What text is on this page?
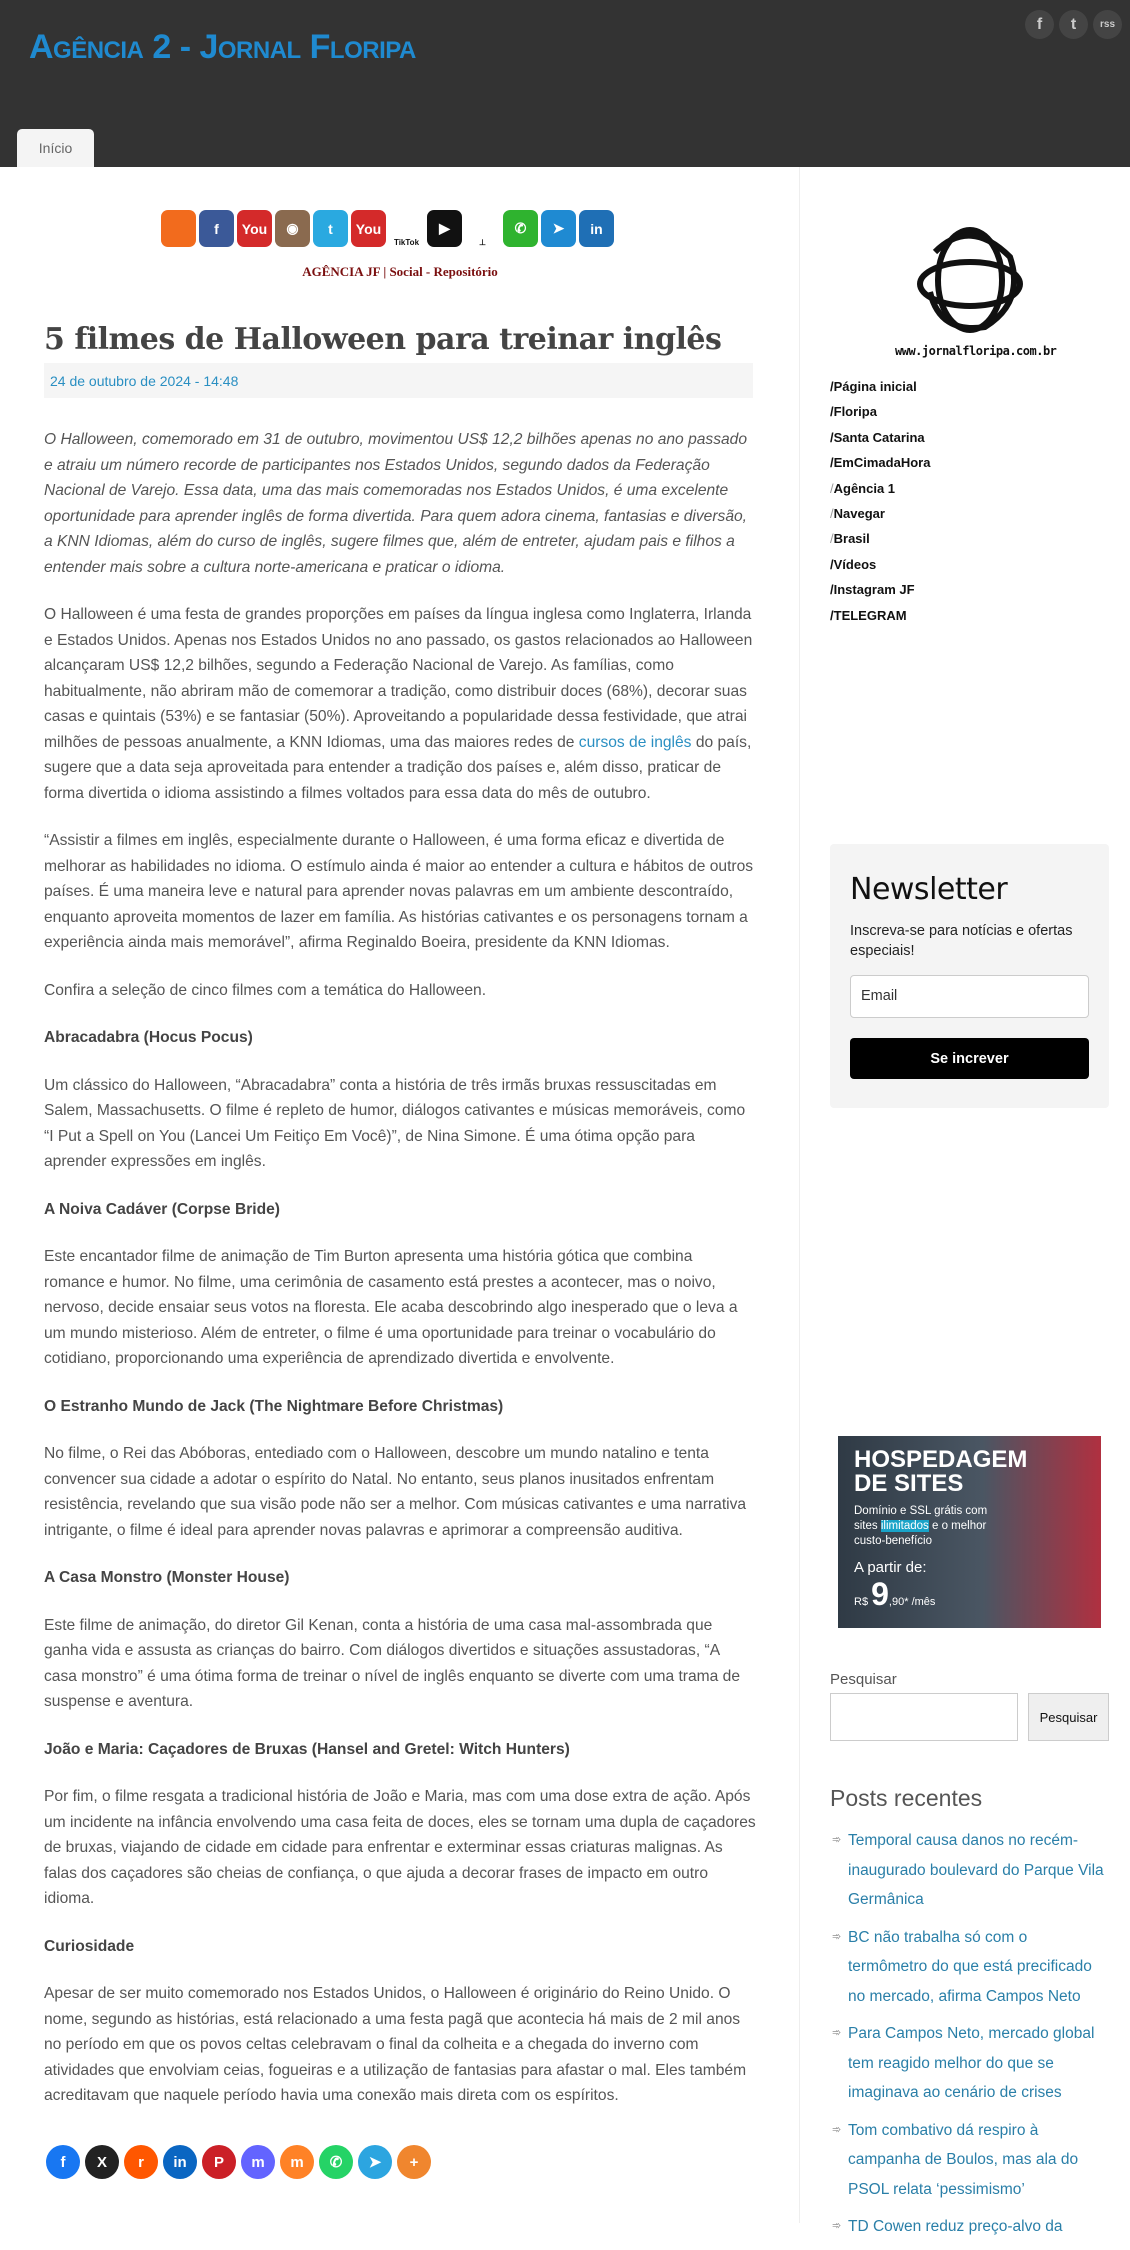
Agência 2 - Jornal Floripa
f	t	rss
Início
f	You	◉	t	You
TikTok
▶
⊥
✆	➤	in
AGÊNCIA JF | Social - Repositório
5 filmes de Halloween para treinar inglês
24 de outubro de 2024 - 14:48

O Halloween, comemorado em 31 de outubro, movimentou US$ 12,2 bilhões apenas no ano passado e atraiu um número recorde de participantes nos Estados Unidos, segundo dados da Federação Nacional de Varejo. Essa data, uma das mais comemoradas nos Estados Unidos, é uma excelente oportunidade para aprender inglês de forma divertida. Para quem adora cinema, fantasias e diversão, a KNN Idiomas, além do curso de inglês, sugere filmes que, além de entreter, ajudam pais e filhos a entender mais sobre a cultura norte-americana e praticar o idioma.

O Halloween é uma festa de grandes proporções em países da língua inglesa como Inglaterra, Irlanda e Estados Unidos. Apenas nos Estados Unidos no ano passado, os gastos relacionados ao Halloween alcançaram US$ 12,2 bilhões, segundo a Federação Nacional de Varejo. As famílias, como habitualmente, não abriram mão de comemorar a tradição, como distribuir doces (68%), decorar suas casas e quintais (53%) e se fantasiar (50%). Aproveitando a popularidade dessa festividade, que atrai milhões de pessoas anualmente, a KNN Idiomas, uma das maiores redes de cursos de inglês do país, sugere que a data seja aproveitada para entender a tradição dos países e, além disso, praticar de forma divertida o idioma assistindo a filmes voltados para essa data do mês de outubro.

“Assistir a filmes em inglês, especialmente durante o Halloween, é uma forma eficaz e divertida de melhorar as habilidades no idioma. O estímulo ainda é maior ao entender a cultura e hábitos de outros países. É uma maneira leve e natural para aprender novas palavras em um ambiente descontraído, enquanto aproveita momentos de lazer em família. As histórias cativantes e os personagens tornam a experiência ainda mais memorável”, afirma Reginaldo Boeira, presidente da KNN Idiomas.

Confira a seleção de cinco filmes com a temática do Halloween.

Abracadabra (Hocus Pocus)

Um clássico do Halloween, “Abracadabra” conta a história de três irmãs bruxas ressuscitadas em Salem, Massachusetts. O filme é repleto de humor, diálogos cativantes e músicas memoráveis, como “I Put a Spell on You (Lancei Um Feitiço Em Você)”, de Nina Simone. É uma ótima opção para aprender expressões em inglês.

A Noiva Cadáver (Corpse Bride)

Este encantador filme de animação de Tim Burton apresenta uma história gótica que combina romance e humor. No filme, uma cerimônia de casamento está prestes a acontecer, mas o noivo, nervoso, decide ensaiar seus votos na floresta. Ele acaba descobrindo algo inesperado que o leva a um mundo misterioso. Além de entreter, o filme é uma oportunidade para treinar o vocabulário do cotidiano, proporcionando uma experiência de aprendizado divertida e envolvente.

O Estranho Mundo de Jack (The Nightmare Before Christmas)

No filme, o Rei das Abóboras, entediado com o Halloween, descobre um mundo natalino e tenta convencer sua cidade a adotar o espírito do Natal. No entanto, seus planos inusitados enfrentam resistência, revelando que sua visão pode não ser a melhor. Com músicas cativantes e uma narrativa intrigante, o filme é ideal para aprender novas palavras e aprimorar a compreensão auditiva.

A Casa Monstro (Monster House)

Este filme de animação, do diretor Gil Kenan, conta a história de uma casa mal-assombrada que ganha vida e assusta as crianças do bairro. Com diálogos divertidos e situações assustadoras, “A casa monstro” é uma ótima forma de treinar o nível de inglês enquanto se diverte com uma trama de suspense e aventura.

João e Maria: Caçadores de Bruxas (Hansel and Gretel: Witch Hunters)

Por fim, o filme resgata a tradicional história de João e Maria, mas com uma dose extra de ação. Após um incidente na infância envolvendo uma casa feita de doces, eles se tornam uma dupla de caçadores de bruxas, viajando de cidade em cidade para enfrentar e exterminar essas criaturas malignas. As falas dos caçadores são cheias de confiança, o que ajuda a decorar frases de impacto em outro idioma.

Curiosidade

Apesar de ser muito comemorado nos Estados Unidos, o Halloween é originário do Reino Unido. O nome, segundo as histórias, está relacionado a uma festa pagã que acontecia há mais de 2 mil anos no período em que os povos celtas celebravam o final da colheita e a chegada do inverno com atividades que envolviam ceias, fogueiras e a utilização de fantasias para afastar o mal. Eles também acreditavam que naquele período havia uma conexão mais direta com os espíritos.

f	X	r	in	P	m	m	✆	➤	+
www.jornalfloripa.com.br
/Página inicial
/Floripa
/Santa Catarina
/EmCimadaHora
/Agência 1
/Navegar
/Brasil
/Vídeos
/Instagram JF
/TELEGRAM
Newsletter

Inscreva-se para notícias e ofertas especiais!

Email
Se increver
HOSPEDAGEM
DE SITES
Domínio e SSL grátis com
sites ilimitados e o melhor
custo-benefício
A partir de:
R$ 9,90* /mês
Pesquisar
Pesquisar
Posts recentes
➾ Temporal causa danos no recém-inaugurado boulevard do Parque Vila Germânica
➾ BC não trabalha só com o termômetro do que está precificado no mercado, afirma Campos Neto
➾ Para Campos Neto, mercado global tem reagido melhor do que se imaginava ao cenário de crises
➾ Tom combativo dá respiro à campanha de Boulos, mas ala do PSOL relata ‘pessimismo’
➾ TD Cowen reduz preço-alvo da
